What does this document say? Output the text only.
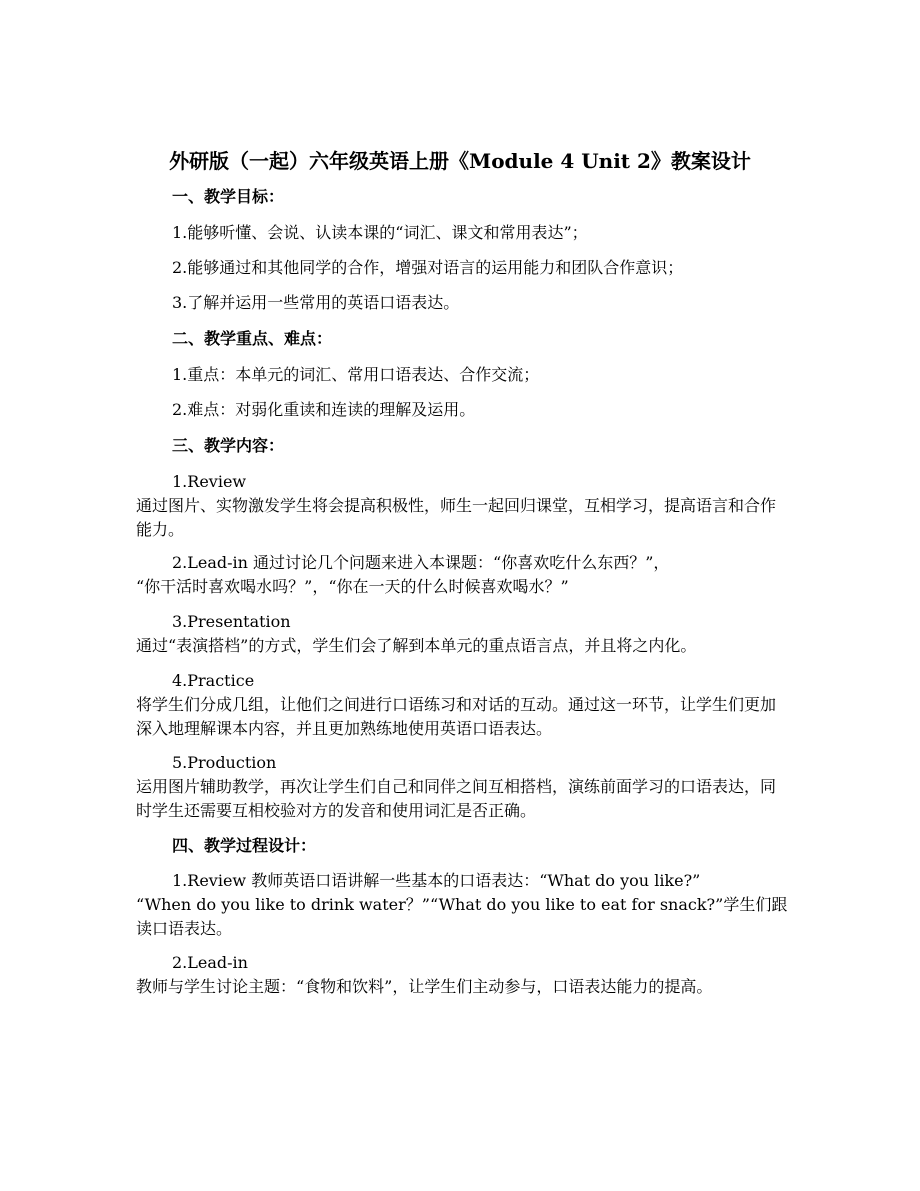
外研版（一起）六年级英语上册《Module 4 Unit 2》教案设计
一、教学目标：
1.能够听懂、会说、认读本课的“词汇、课文和常用表达”；
2.能够通过和其他同学的合作，增强对语言的运用能力和团队合作意识；
3.了解并运用一些常用的英语口语表达。
二、教学重点、难点：
1.重点：本单元的词汇、常用口语表达、合作交流；
2.难点：对弱化重读和连读的理解及运用。
三、教学内容：
1.Review
通过图片、实物激发学生将会提高积极性，师生一起回归课堂，互相学习，提高语言和合作能力。
2.Lead-in 通过讨论几个问题来进入本课题：“你喜欢吃什么东西？”，
“你干活时喜欢喝水吗？”，“你在一天的什么时候喜欢喝水？”
3.Presentation
通过“表演搭档”的方式，学生们会了解到本单元的重点语言点，并且将之内化。
4.Practice
将学生们分成几组，让他们之间进行口语练习和对话的互动。通过这一环节，让学生们更加深入地理解课本内容，并且更加熟练地使用英语口语表达。
5.Production
运用图片辅助教学，再次让学生们自己和同伴之间互相搭档，演练前面学习的口语表达，同时学生还需要互相校验对方的发音和使用词汇是否正确。
四、教学过程设计：
1.Review 教师英语口语讲解一些基本的口语表达：“What do you like?”
“When do you like to drink water？”“What do you like to eat for snack?”学生们跟读口语表达。
2.Lead-in
教师与学生讨论主题：“食物和饮料”，让学生们主动参与，口语表达能力的提高。
